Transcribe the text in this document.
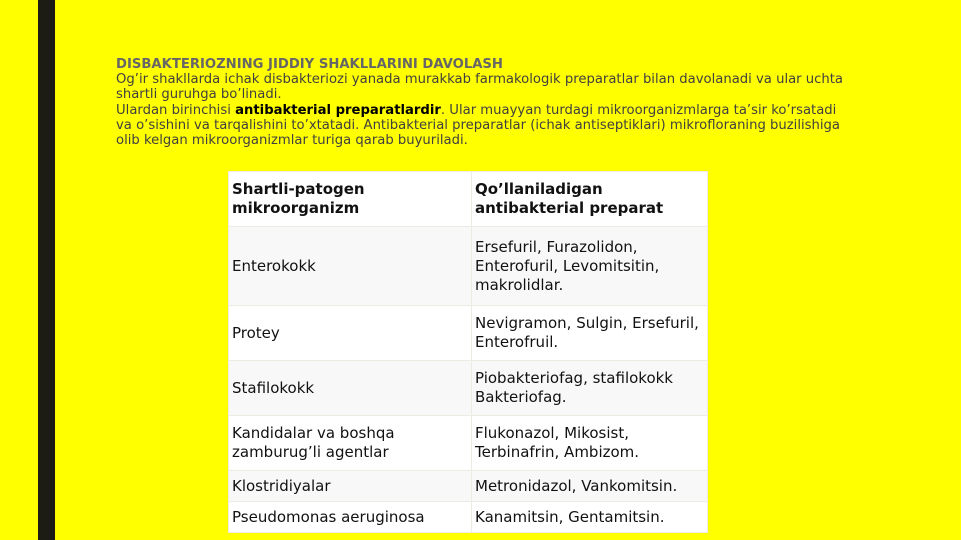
DISBAKTERIOZNING JIDDIY SHAKLLARINI DAVOLASH
Og’ir shakllarda ichak disbakteriozi yanada murakkab farmakologik preparatlar bilan davolanadi va ular uchta shartli guruhga bo’linadi.
Ulardan birinchisi antibakterial preparatlardir. Ular muayyan turdagi mikroorganizmlarga ta’sir ko’rsatadi va o’sishini va tarqalishini to’xtatadi. Antibakterial preparatlar (ichak antiseptiklari) mikrofloraning buzilishiga olib kelgan mikroorganizmlar turiga qarab buyuriladi.
Shartli-patogen mikroorganizm	Qo’llaniladigan antibakterial preparat
Enterokokk	Ersefuril, Furazolidon, Enterofuril, Levomitsitin, makrolidlar.
Protey	Nevigramon, Sulgin, Ersefuril, Enterofruil.
Stafilokokk	Piobakteriofag, stafilokokk Bakteriofag.
Kandidalar va boshqa zamburug’li agentlar	Flukonazol, Mikosist, Terbinafrin, Ambizom.
Klostridiyalar	Metronidazol, Vankomitsin.
Pseudomonas aeruginosa	Kanamitsin, Gentamitsin.
